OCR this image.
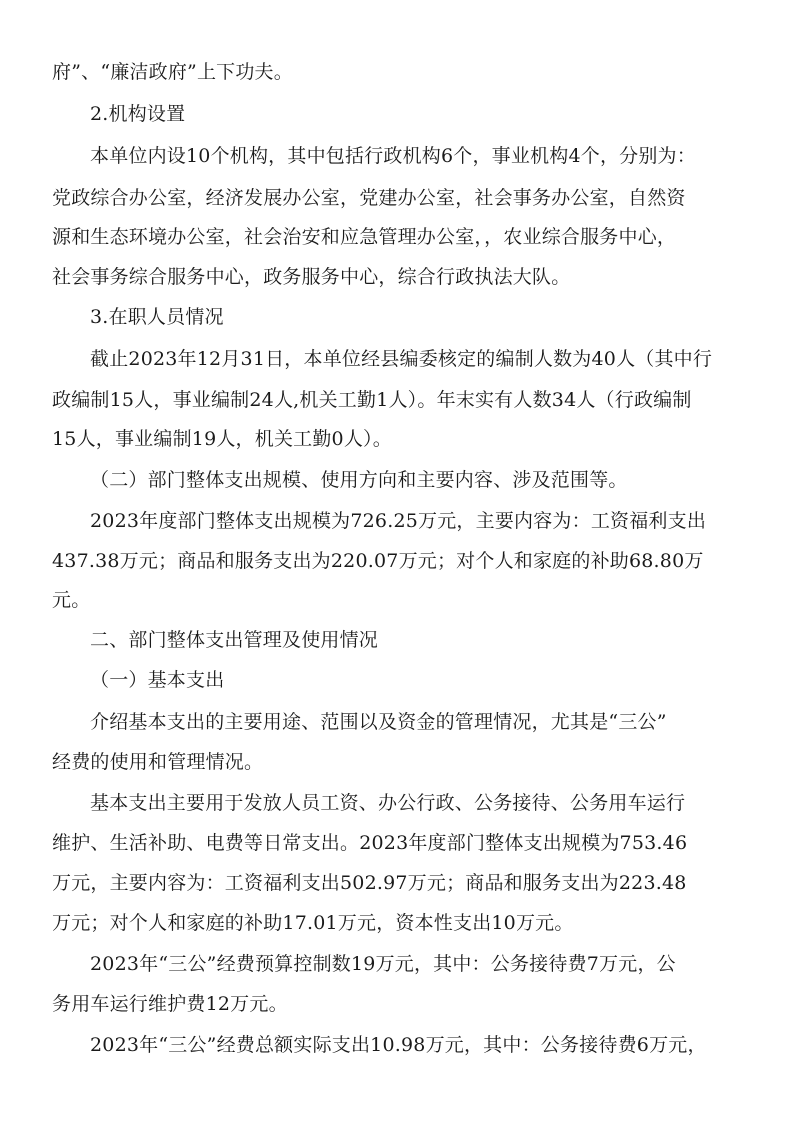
府”、“廉洁政府”上下功夫。
2.机构设置
本单位内设10个机构，其中包括行政机构6个，事业机构4个，分别为：
党政综合办公室，经济发展办公室，党建办公室，社会事务办公室，自然资
源和生态环境办公室，社会治安和应急管理办公室，，农业综合服务中心，
社会事务综合服务中心，政务服务中心，综合行政执法大队。
3.在职人员情况
截止2023年12月31日，本单位经县编委核定的编制人数为40人（其中行
政编制15人，事业编制24人,机关工勤1人）。年末实有人数34人（行政编制
15人，事业编制19人，机关工勤0人）。
（二）部门整体支出规模、使用方向和主要内容、涉及范围等。
2023年度部门整体支出规模为726.25万元，主要内容为：工资福利支出
437.38万元；商品和服务支出为220.07万元；对个人和家庭的补助68.80万
元。
二、部门整体支出管理及使用情况
（一）基本支出
介绍基本支出的主要用途、范围以及资金的管理情况，尤其是“三公”
经费的使用和管理情况。
基本支出主要用于发放人员工资、办公行政、公务接待、公务用车运行
维护、生活补助、电费等日常支出。2023年度部门整体支出规模为753.46
万元，主要内容为：工资福利支出502.97万元；商品和服务支出为223.48
万元；对个人和家庭的补助17.01万元，资本性支出10万元。
2023年“三公”经费预算控制数19万元，其中：公务接待费7万元，公
务用车运行维护费12万元。
2023年“三公”经费总额实际支出10.98万元，其中：公务接待费6万元，
